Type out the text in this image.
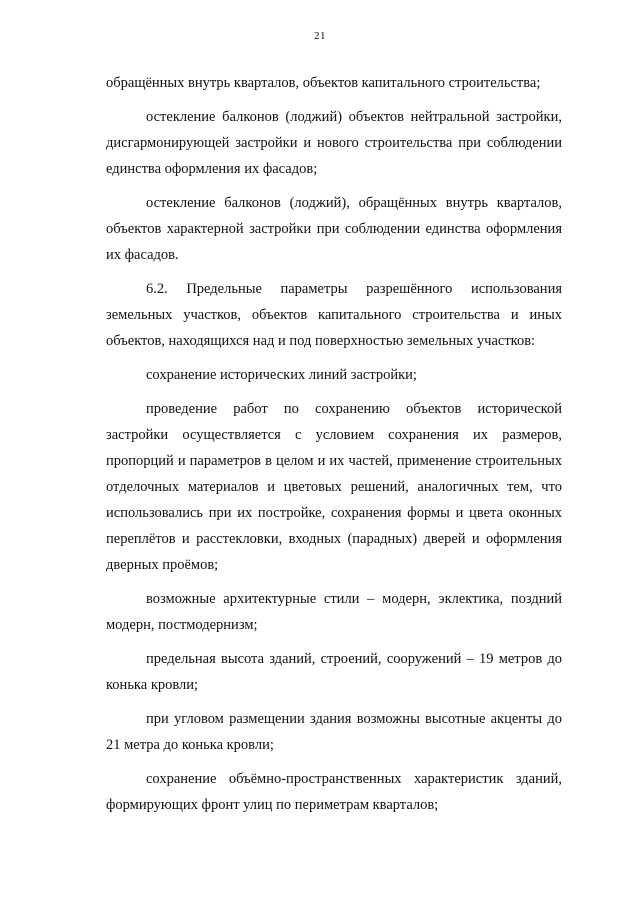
21

обращённых внутрь кварталов, объектов капитального строительства;

остекление балконов (лоджий) объектов нейтральной застройки, дисгармонирующей застройки и нового строительства при соблюдении единства оформления их фасадов;

остекление балконов (лоджий), обращённых внутрь кварталов, объектов характерной застройки при соблюдении единства оформления их фасадов.

6.2. Предельные параметры разрешённого использования земельных участков, объектов капитального строительства и иных объектов, находящихся над и под поверхностью земельных участков:

сохранение исторических линий застройки;

проведение работ по сохранению объектов исторической застройки осуществляется с условием сохранения их размеров, пропорций и параметров в целом и их частей, применение строительных отделочных материалов и цветовых решений, аналогичных тем, что использовались при их постройке, сохранения формы и цвета оконных переплётов и расстекловки, входных (парадных) дверей и оформления дверных проёмов;

возможные архитектурные стили – модерн, эклектика, поздний модерн, постмодернизм;

предельная высота зданий, строений, сооружений – 19 метров до конька кровли;

при угловом размещении здания возможны высотные акценты до 21 метра до конька кровли;

сохранение объёмно-пространственных характеристик зданий, формирующих фронт улиц по периметрам кварталов;
